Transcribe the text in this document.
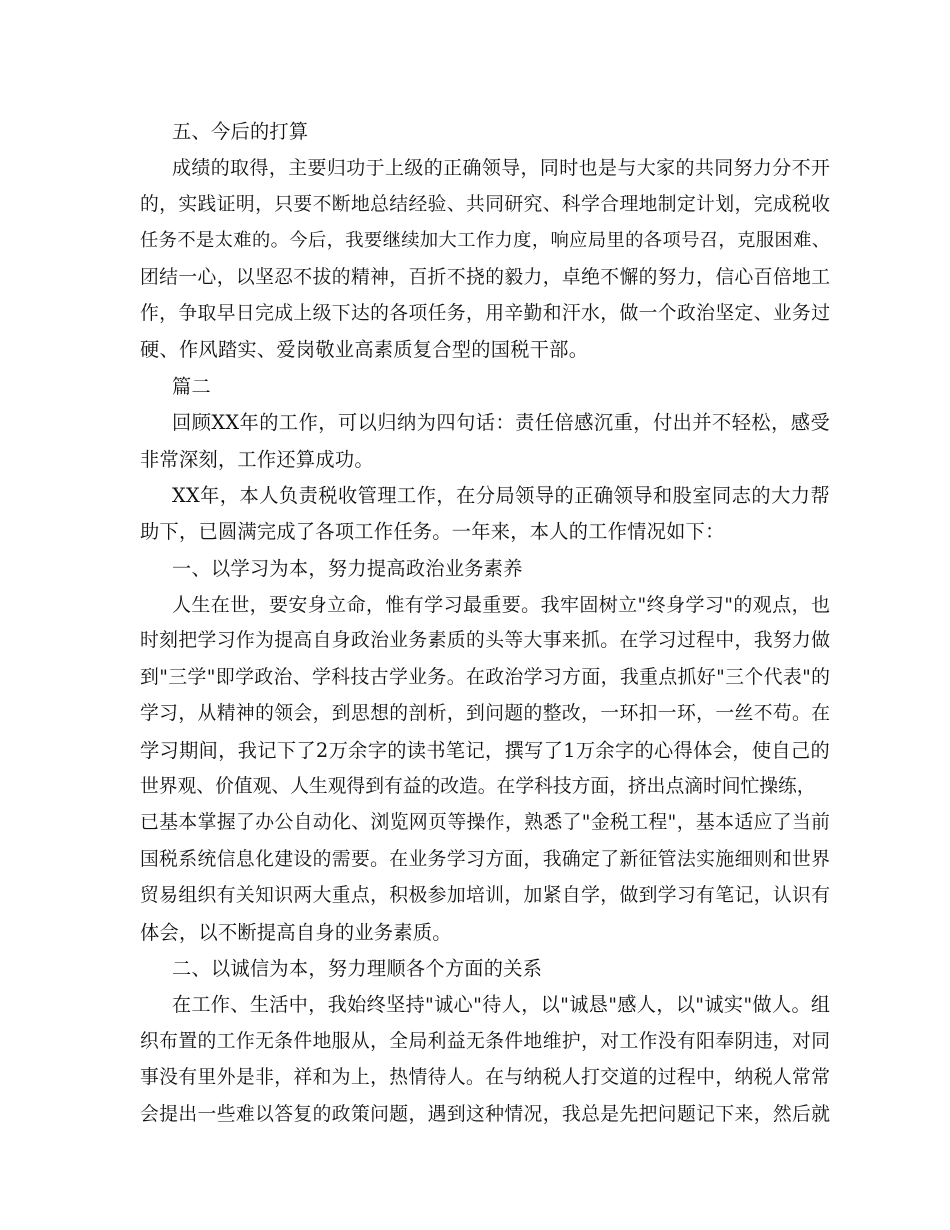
五、今后的打算
成绩的取得，主要归功于上级的正确领导，同时也是与大家的共同努力分不开
的，实践证明，只要不断地总结经验、共同研究、科学合理地制定计划，完成税收
任务不是太难的。今后，我要继续加大工作力度，响应局里的各项号召，克服困难、
团结一心，以坚忍不拔的精神，百折不挠的毅力，卓绝不懈的努力，信心百倍地工
作，争取早日完成上级下达的各项任务，用辛勤和汗水，做一个政治坚定、业务过
硬、作风踏实、爱岗敬业高素质复合型的国税干部。
篇二
回顾XX年的工作，可以归纳为四句话：责任倍感沉重，付出并不轻松，感受
非常深刻，工作还算成功。
XX年，本人负责税收管理工作，在分局领导的正确领导和股室同志的大力帮
助下，已圆满完成了各项工作任务。一年来，本人的工作情况如下：
一、以学习为本，努力提高政治业务素养
人生在世，要安身立命，惟有学习最重要。我牢固树立"终身学习"的观点，也
时刻把学习作为提高自身政治业务素质的头等大事来抓。在学习过程中，我努力做
到"三学"即学政治、学科技古学业务。在政治学习方面，我重点抓好"三个代表"的
学习，从精神的领会，到思想的剖析，到问题的整改，一环扣一环，一丝不苟。在
学习期间，我记下了2万余字的读书笔记，撰写了1万余字的心得体会，使自己的
世界观、价值观、人生观得到有益的改造。在学科技方面，挤出点滴时间忙操练，
已基本掌握了办公自动化、浏览网页等操作，熟悉了"金税工程"，基本适应了当前
国税系统信息化建设的需要。在业务学习方面，我确定了新征管法实施细则和世界
贸易组织有关知识两大重点，积极参加培训，加紧自学，做到学习有笔记，认识有
体会，以不断提高自身的业务素质。
二、以诚信为本，努力理顺各个方面的关系
在工作、生活中，我始终坚持"诚心"待人，以"诚恳"感人，以"诚实"做人。组
织布置的工作无条件地服从，全局利益无条件地维护，对工作没有阳奉阴违，对同
事没有里外是非，祥和为上，热情待人。在与纳税人打交道的过程中，纳税人常常
会提出一些难以答复的政策问题，遇到这种情况，我总是先把问题记下来，然后就
